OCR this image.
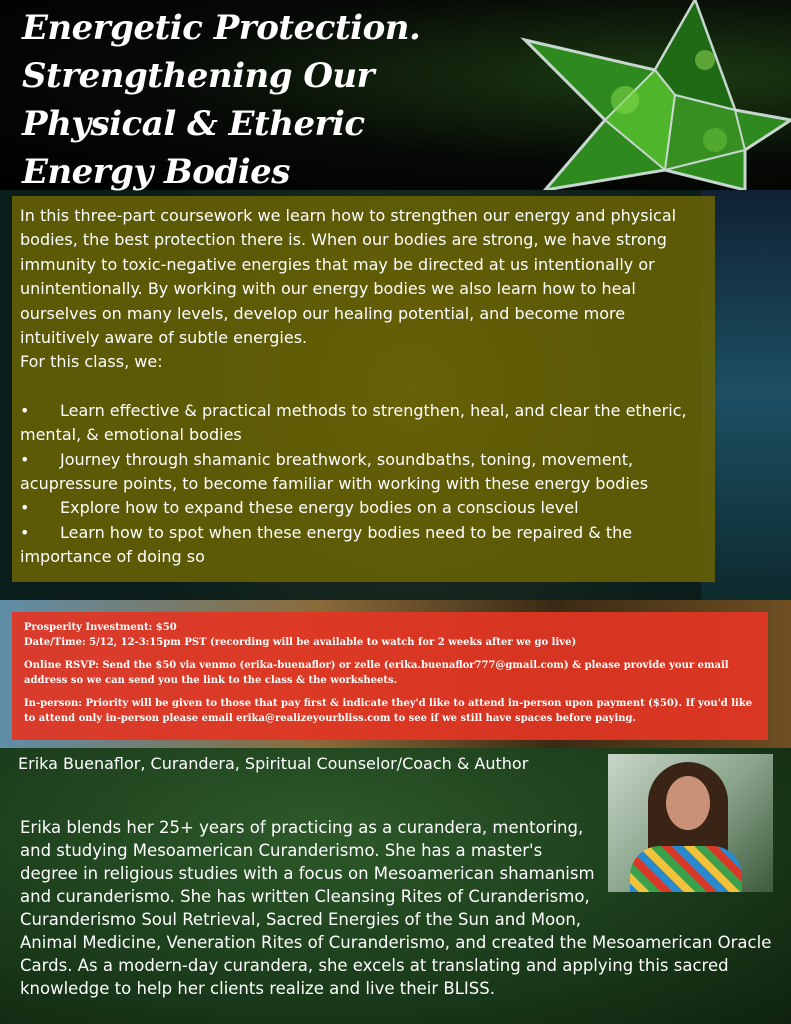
Energetic Protection.
Strengthening Our
Physical & Etheric
Energy Bodies

In this three-part coursework we learn how to strengthen our energy and physical bodies, the best protection there is. When our bodies are strong, we have strong immunity to toxic-negative energies that may be directed at us intentionally or unintentionally. By working with our energy bodies we also learn how to heal ourselves on many levels, develop our healing potential, and become more intuitively aware of subtle energies.

For this class, we:

• Learn effective & practical methods to strengthen, heal, and clear the etheric, mental, & emotional bodies
• Journey through shamanic breathwork, soundbaths, toning, movement, acupressure points, to become familiar with working with these energy bodies
• Explore how to expand these energy bodies on a conscious level
• Learn how to spot when these energy bodies need to be repaired & the importance of doing so

Prosperity Investment: $50

Date/Time: 5/12, 12-3:15pm PST (recording will be available to watch for 2 weeks after we go live)

Online RSVP: Send the $50 via venmo (erika-buenaflor) or zelle (erika.buenaflor777@gmail.com) & please provide your email address so we can send you the link to the class & the worksheets.

In-person: Priority will be given to those that pay first & indicate they'd like to attend in-person upon payment ($50). If you'd like to attend only in-person please email erika@realizeyourbliss.com to see if we still have spaces before paying.

Erika Buenaflor, Curandera, Spiritual Counselor/Coach & Author

Erika blends her 25+ years of practicing as a curandera, mentoring, and studying Mesoamerican Curanderismo. She has a master's degree in religious studies with a focus on Mesoamerican shamanism and curanderismo. She has written Cleansing Rites of Curanderismo, Curanderismo Soul Retrieval, Sacred Energies of the Sun and Moon, Animal Medicine, Veneration Rites of Curanderismo, and created the Mesoamerican Oracle Cards. As a modern-day curandera, she excels at translating and applying this sacred knowledge to help her clients realize and live their BLISS.
